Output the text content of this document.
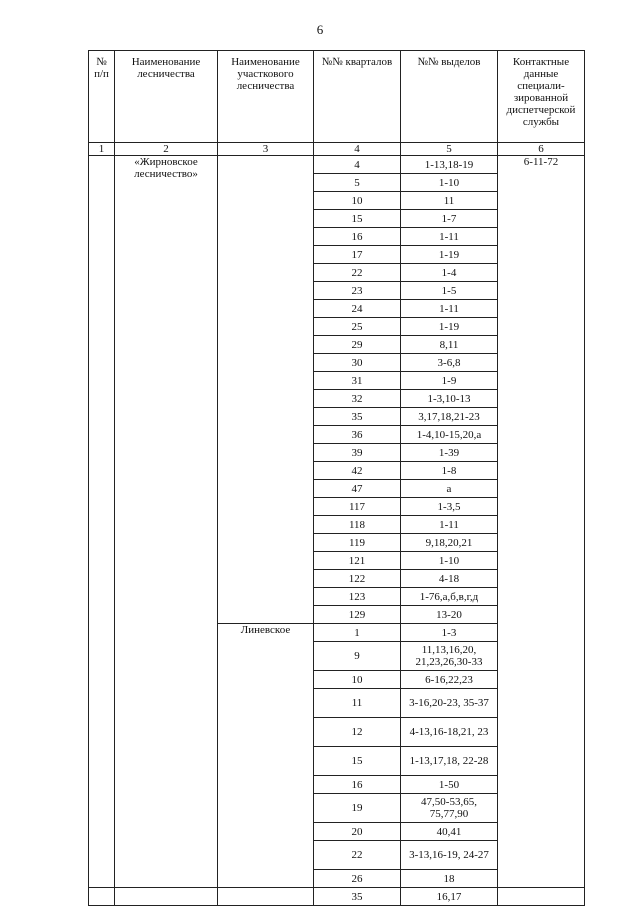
6
№ п/п	Наименование лесничества	Наименование участкового лесничества	№№ кварталов	№№ выделов	Контактные данные специали-зированной диспетчерской службы
1	2	3	4	5	6
	«Жирновское лесничество»		4	1-13,18-19	6-11-72
			5	1-10	
			10	11	
			15	1-7	
			16	1-11	
			17	1-19	
			22	1-4	
			23	1-5	
			24	1-11	
			25	1-19	
			29	8,11	
			30	3-6,8	
			31	1-9	
			32	1-3,10-13	
			35	3,17,18,21-23	
			36	1-4,10-15,20,а	
			39	1-39	
			42	1-8	
			47	а	
			117	1-3,5	
			118	1-11	
			119	9,18,20,21	
			121	1-10	
			122	4-18	
			123	1-76,а,б,в,г,д	
			129	13-20	
		Линевское	1	1-3	
			9	11,13,16,20, 21,23,26,30-33	
			10	6-16,22,23	
			11	3-16,20-23, 35-37	
			12	4-13,16-18,21, 23	
			15	1-13,17,18, 22-28	
			16	1-50	
			19	47,50-53,65, 75,77,90	
			20	40,41	
			22	3-13,16-19, 24-27	
			26	18	
			35	16,17	
